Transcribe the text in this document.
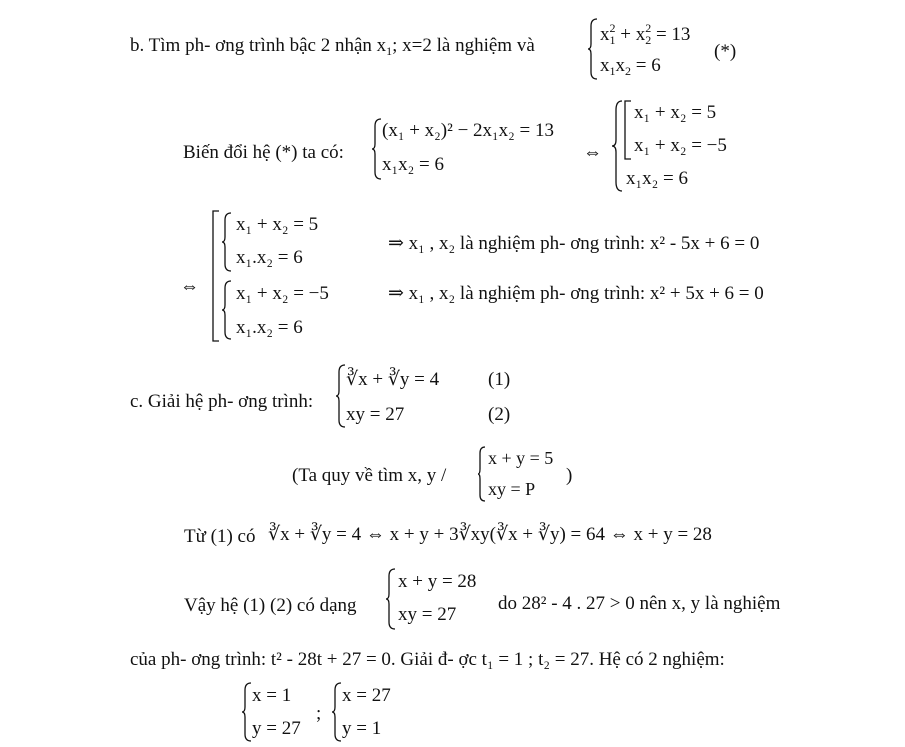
b. Tìm ph- ơng trình bậc 2 nhận $x_1$; x=2 là nghiệm và
$x^2_1 + x^2_2 = 13$
$x_1x_2 = 6$
(*)
Biến đổi hệ (*) ta có:
(x₁ + x₂)² − 2x₁x₂ = 13
x₁x₂ = 6
⇔
x₁ + x₂ = 5
x₁ + x₂ = −5
x₁x₂ = 6
⇔
x₁ + x₂ = 5
x₁.x₂ = 6
⇒ x₁ , x₂ là nghiệm ph- ơng trình: x² - 5x + 6 = 0
x₁ + x₂ = −5
x₁.x₂ = 6
⇒ x₁ , x₂ là nghiệm ph- ơng trình: x² + 5x + 6 = 0
c. Giải hệ ph- ơng trình:
∛x + ∛y = 4	(1)
xy = 27	(2)
(Ta quy về tìm x, y /
x + y = 5
xy = P
)
Từ (1) có ∛x + ∛y = 4 ⇔ x + y + 3∛xy(∛x + ∛y) = 64 ⇔ x + y = 28
Vậy hệ (1) (2) có dạng
x + y = 28
xy = 27
do 28² - 4 . 27 > 0 nên x, y là nghiệm
của ph- ơng trình: t² - 28t + 27 = 0. Giải đ- ợc t₁ = 1 ; t₂ = 27. Hệ có 2 nghiệm:
x = 1
y = 27
;
x = 27
y = 1
